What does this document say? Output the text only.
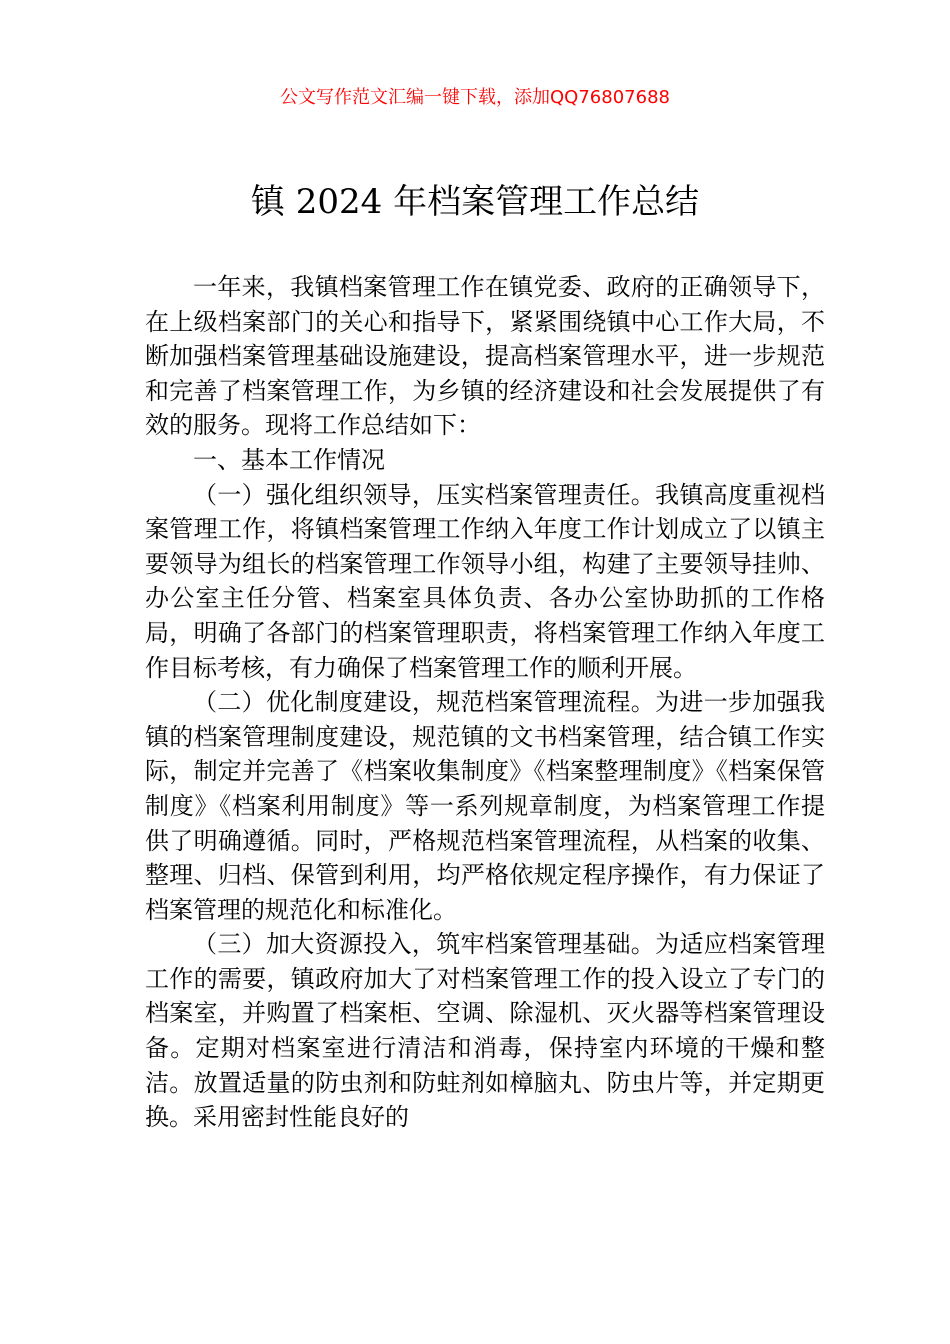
公文写作范文汇编一键下载，添加QQ76807688
镇 2024 年档案管理工作总结

一年来，我镇档案管理工作在镇党委、政府的正确领导下，在上级档案部门的关心和指导下，紧紧围绕镇中心工作大局，不断加强档案管理基础设施建设，提高档案管理水平，进一步规范和完善了档案管理工作，为乡镇的经济建设和社会发展提供了有效的服务。现将工作总结如下：

一、基本工作情况

（一）强化组织领导，压实档案管理责任。我镇高度重视档案管理工作，将镇档案管理工作纳入年度工作计划成立了以镇主要领导为组长的档案管理工作领导小组，构建了主要领导挂帅、办公室主任分管、档案室具体负责、各办公室协助抓的工作格局，明确了各部门的档案管理职责，将档案管理工作纳入年度工作目标考核，有力确保了档案管理工作的顺利开展。

（二）优化制度建设，规范档案管理流程。为进一步加强我镇的档案管理制度建设，规范镇的文书档案管理，结合镇工作实际，制定并完善了《档案收集制度》《档案整理制度》《档案保管制度》《档案利用制度》等一系列规章制度，为档案管理工作提供了明确遵循。同时，严格规范档案管理流程，从档案的收集、整理、归档、保管到利用，均严格依规定程序操作，有力保证了档案管理的规范化和标准化。

（三）加大资源投入，筑牢档案管理基础。为适应档案管理工作的需要，镇政府加大了对档案管理工作的投入设立了专门的档案室，并购置了档案柜、空调、除湿机、灭火器等档案管理设备。定期对档案室进行清洁和消毒，保持室内环境的干燥和整洁。放置适量的防虫剂和防蛀剂如樟脑丸、防虫片等，并定期更换。采用密封性能良好的
